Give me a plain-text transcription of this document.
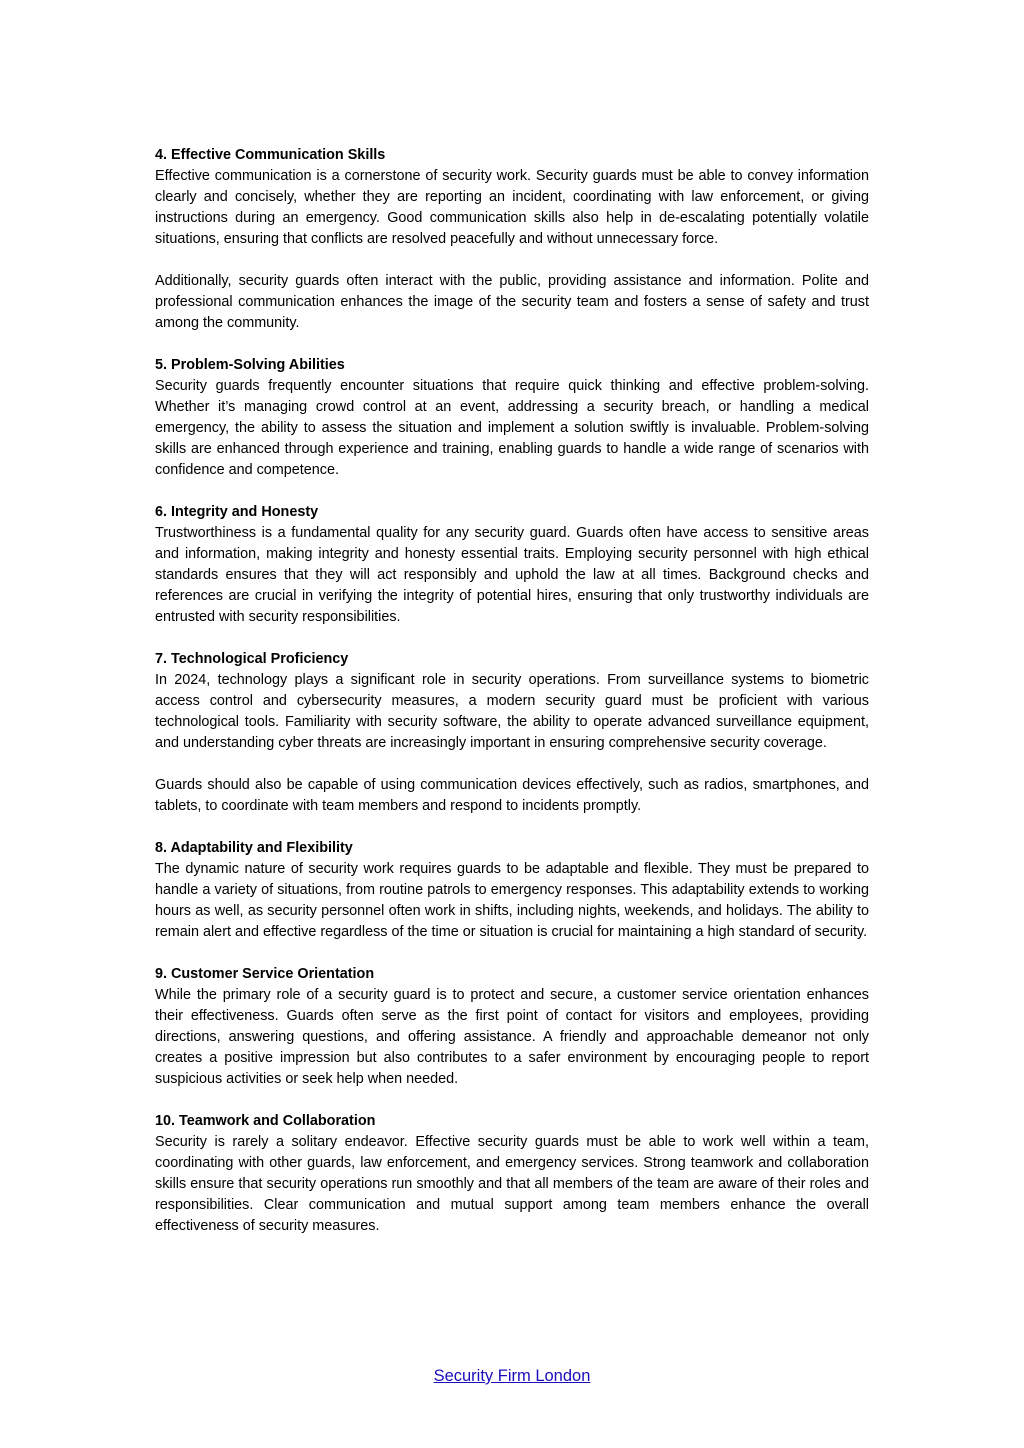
4. Effective Communication Skills

Effective communication is a cornerstone of security work. Security guards must be able to convey information clearly and concisely, whether they are reporting an incident, coordinating with law enforcement, or giving instructions during an emergency. Good communication skills also help in de-escalating potentially volatile situations, ensuring that conflicts are resolved peacefully and without unnecessary force.

Additionally, security guards often interact with the public, providing assistance and information. Polite and professional communication enhances the image of the security team and fosters a sense of safety and trust among the community.

5. Problem-Solving Abilities

Security guards frequently encounter situations that require quick thinking and effective problem-solving. Whether it’s managing crowd control at an event, addressing a security breach, or handling a medical emergency, the ability to assess the situation and implement a solution swiftly is invaluable. Problem-solving skills are enhanced through experience and training, enabling guards to handle a wide range of scenarios with confidence and competence.

6. Integrity and Honesty

Trustworthiness is a fundamental quality for any security guard. Guards often have access to sensitive areas and information, making integrity and honesty essential traits. Employing security personnel with high ethical standards ensures that they will act responsibly and uphold the law at all times. Background checks and references are crucial in verifying the integrity of potential hires, ensuring that only trustworthy individuals are entrusted with security responsibilities.

7. Technological Proficiency

In 2024, technology plays a significant role in security operations. From surveillance systems to biometric access control and cybersecurity measures, a modern security guard must be proficient with various technological tools. Familiarity with security software, the ability to operate advanced surveillance equipment, and understanding cyber threats are increasingly important in ensuring comprehensive security coverage.

Guards should also be capable of using communication devices effectively, such as radios, smartphones, and tablets, to coordinate with team members and respond to incidents promptly.

8. Adaptability and Flexibility

The dynamic nature of security work requires guards to be adaptable and flexible. They must be prepared to handle a variety of situations, from routine patrols to emergency responses. This adaptability extends to working hours as well, as security personnel often work in shifts, including nights, weekends, and holidays. The ability to remain alert and effective regardless of the time or situation is crucial for maintaining a high standard of security.

9. Customer Service Orientation

While the primary role of a security guard is to protect and secure, a customer service orientation enhances their effectiveness. Guards often serve as the first point of contact for visitors and employees, providing directions, answering questions, and offering assistance. A friendly and approachable demeanor not only creates a positive impression but also contributes to a safer environment by encouraging people to report suspicious activities or seek help when needed.

10. Teamwork and Collaboration

Security is rarely a solitary endeavor. Effective security guards must be able to work well within a team, coordinating with other guards, law enforcement, and emergency services. Strong teamwork and collaboration skills ensure that security operations run smoothly and that all members of the team are aware of their roles and responsibilities. Clear communication and mutual support among team members enhance the overall effectiveness of security measures.

Security Firm London
